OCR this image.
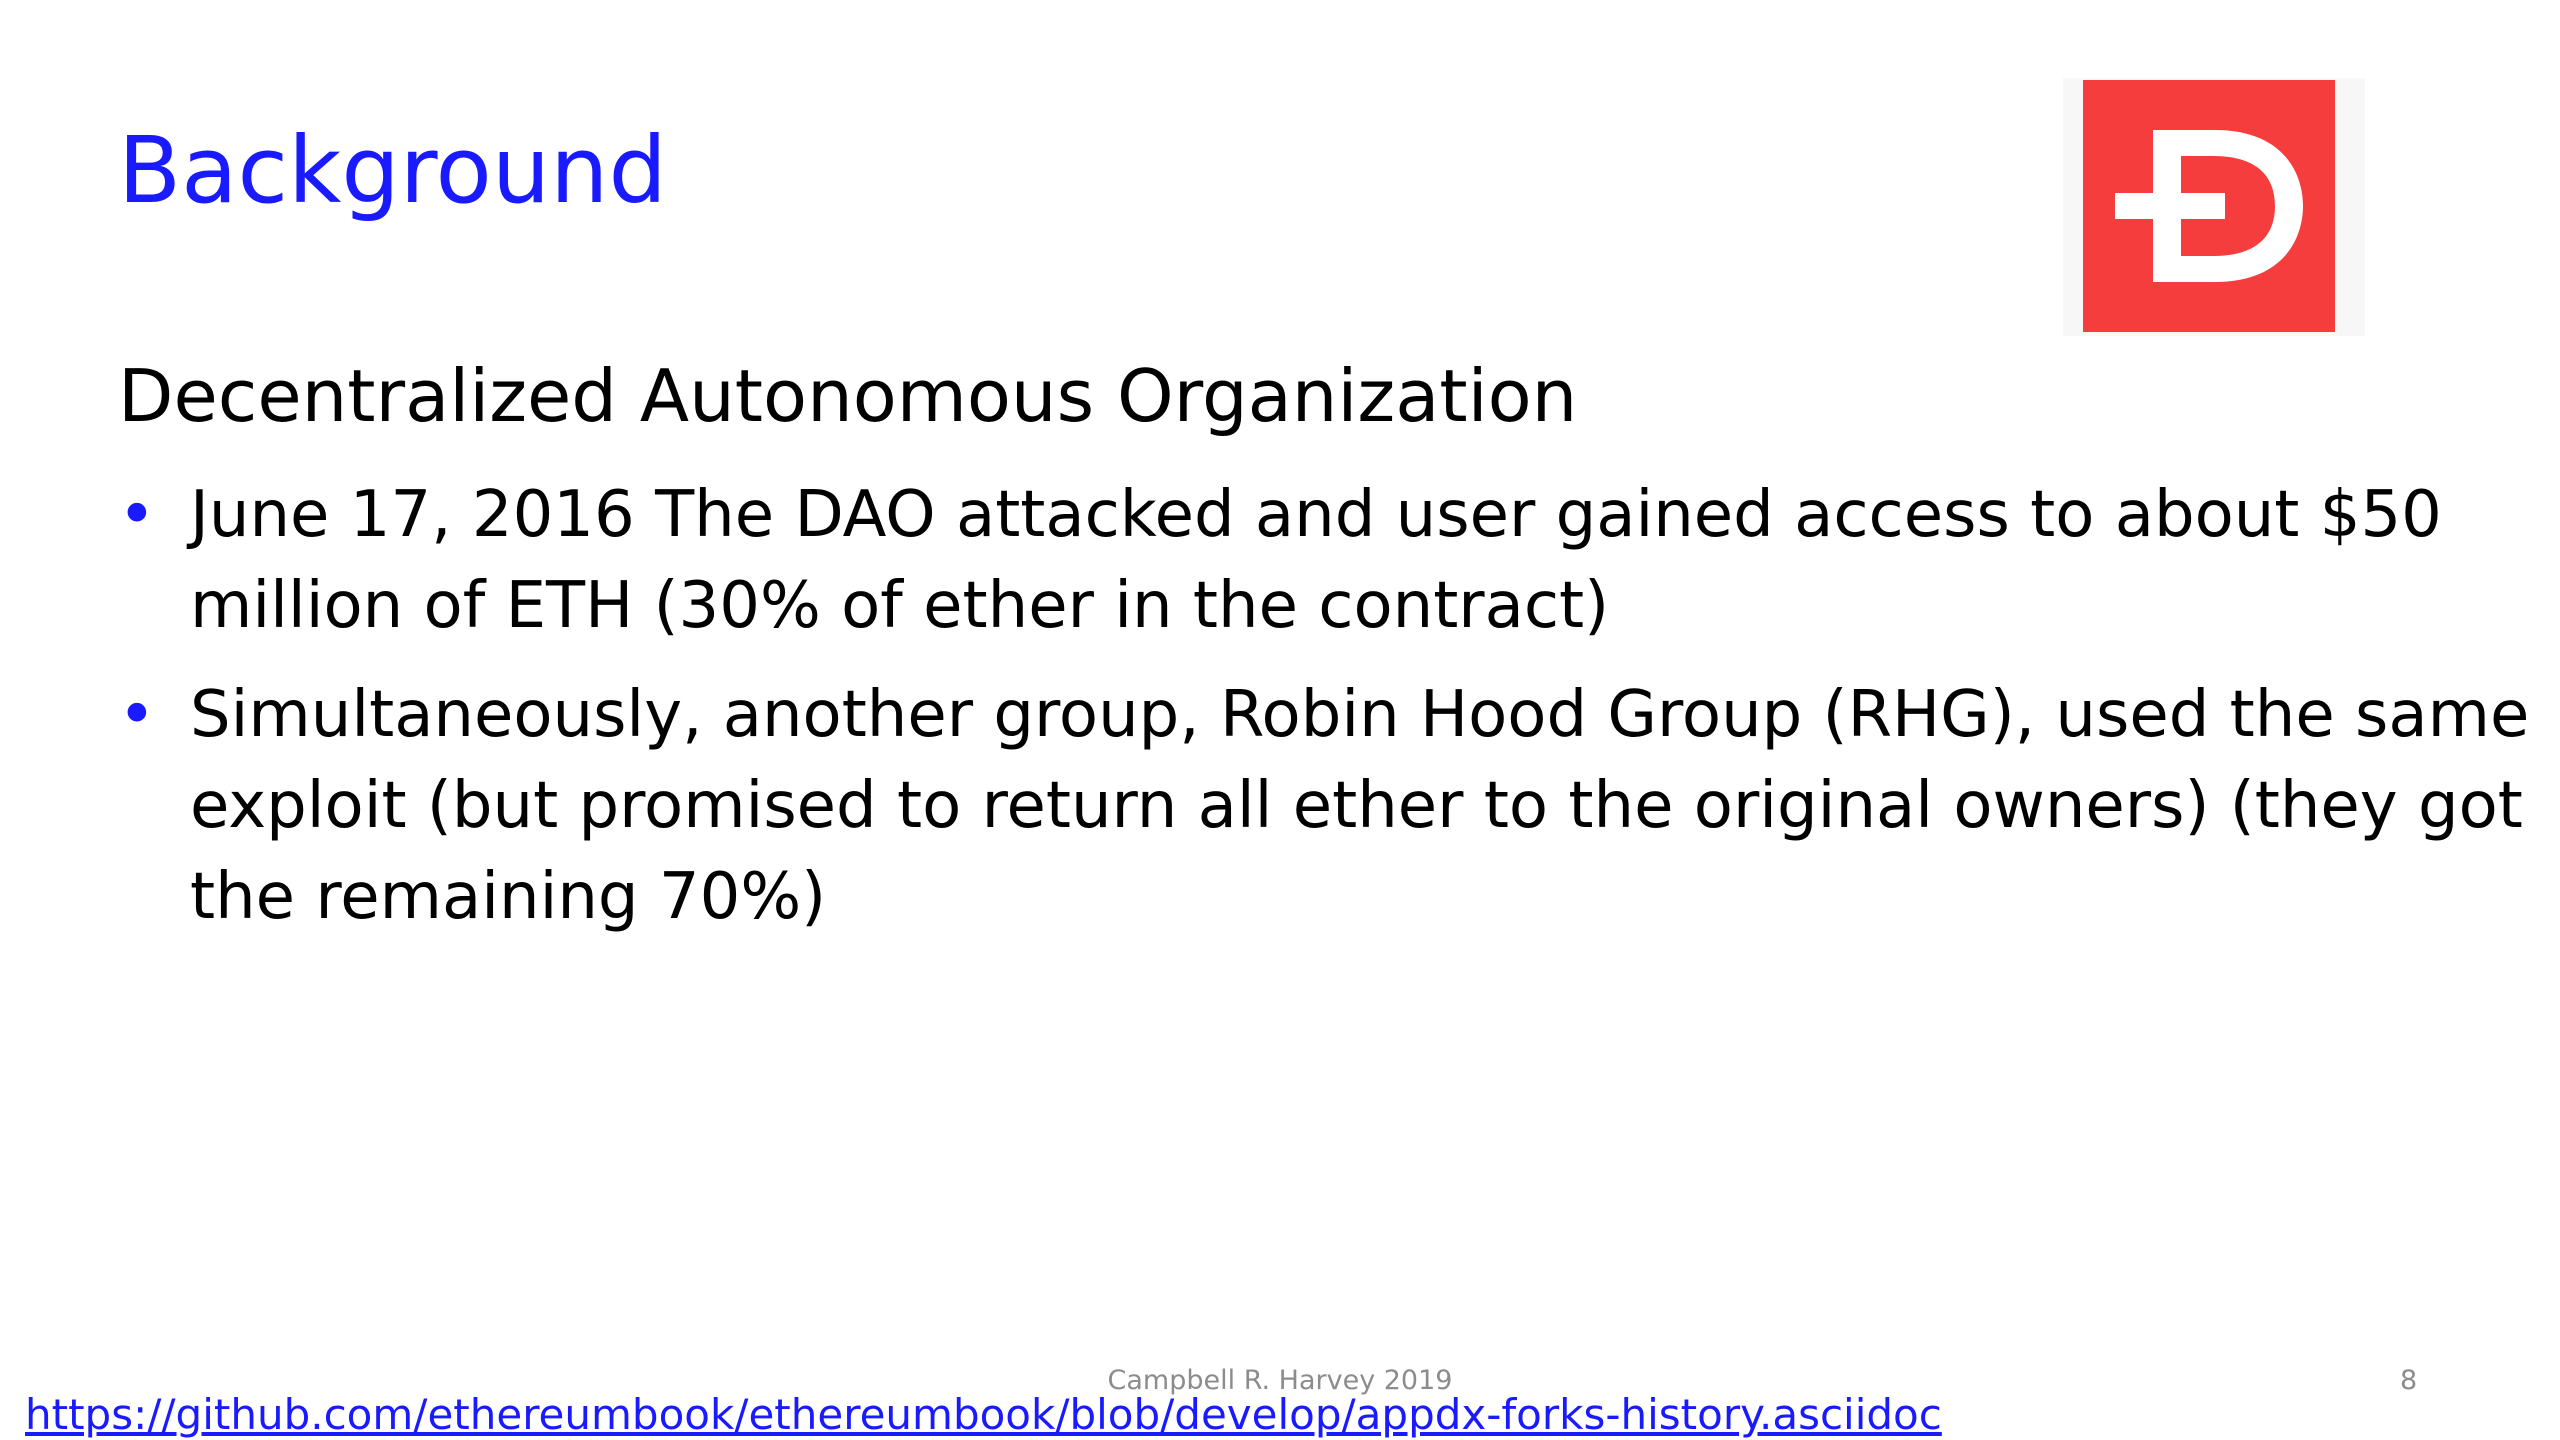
Background
Decentralized Autonomous Organization
• June 17, 2016 The DAO attacked and user gained access to about $50 million of ETH (30% of ether in the contract)
• Simultaneously, another group, Robin Hood Group (RHG), used the same exploit (but promised to return all ether to the original owners) (they got the remaining 70%)
Campbell R. Harvey 2019	8
https://github.com/ethereumbook/ethereumbook/blob/develop/appdx-forks-history.asciidoc
